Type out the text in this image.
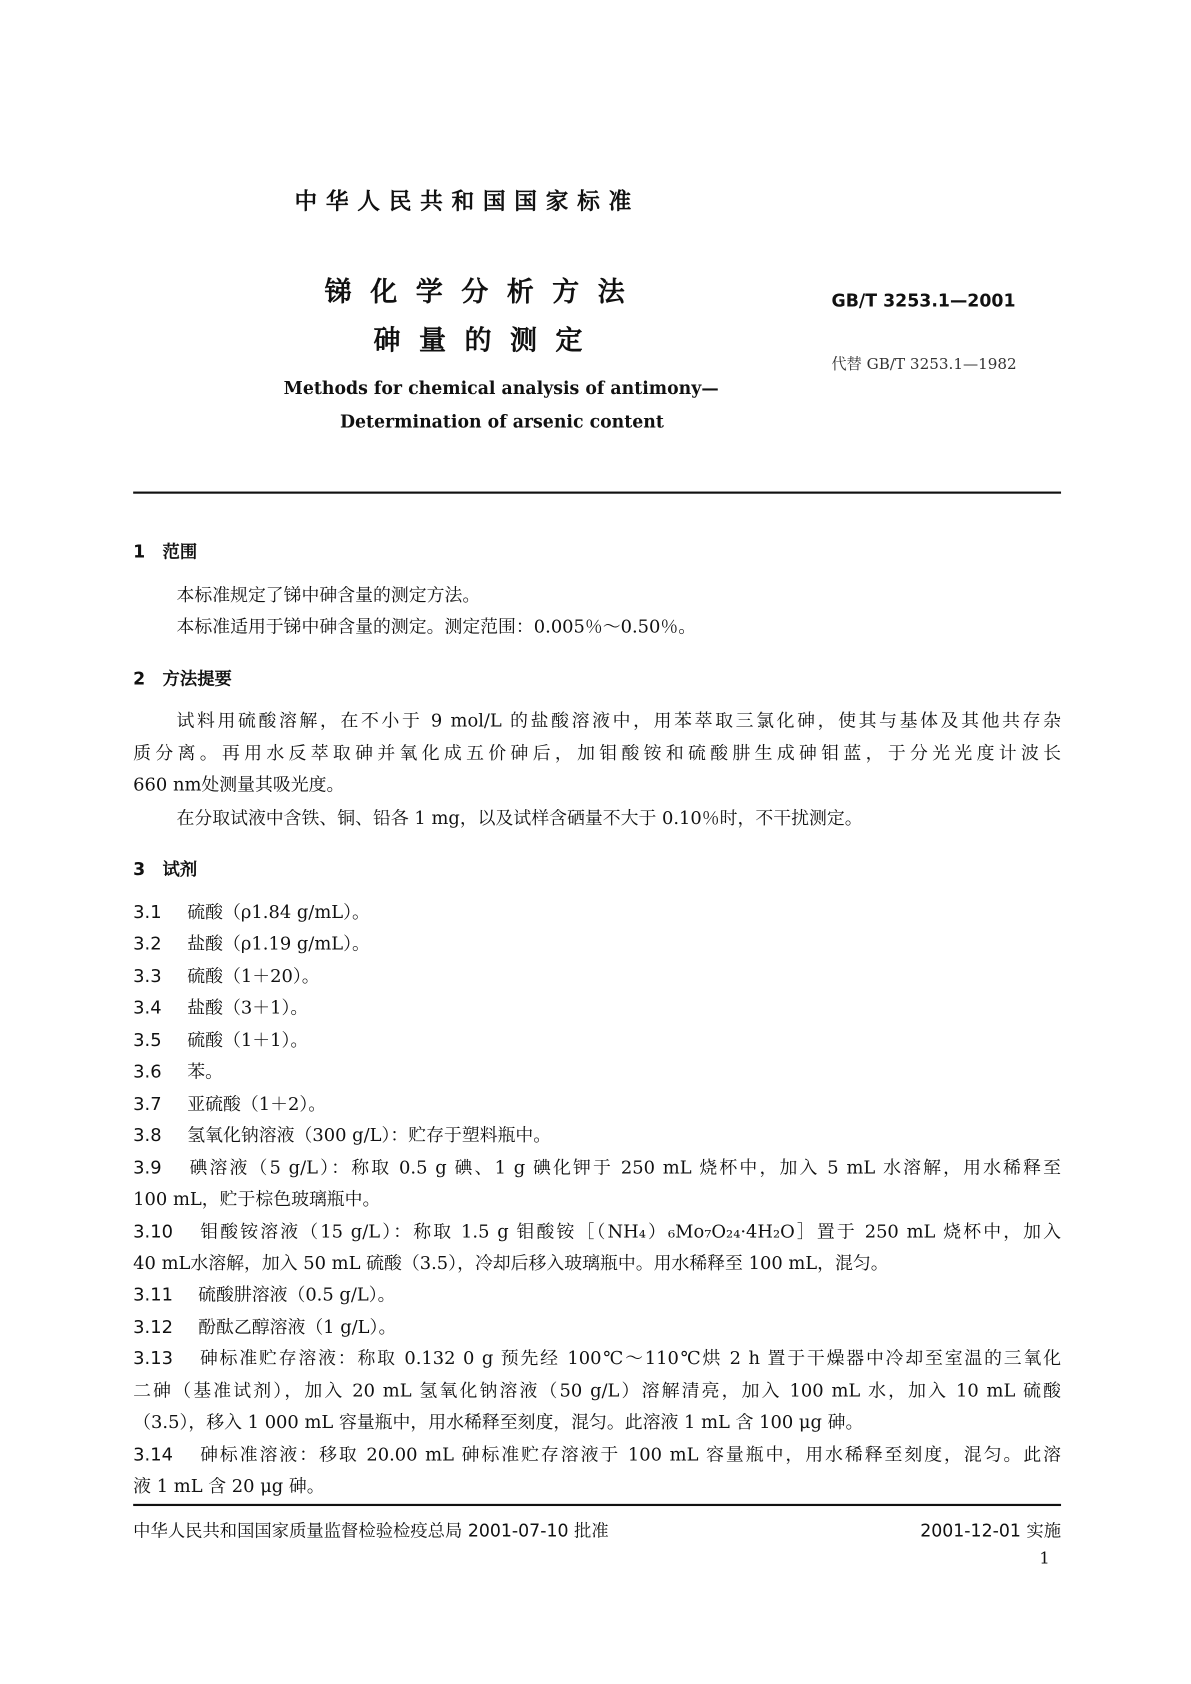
中华人民共和国国家标准
锑化学分析方法
砷量的测定
GB/T 3253.1—2001
代替 GB/T 3253.1—1982
Methods for chemical analysis of antimony—
Determination of arsenic content
1　范围
本标准规定了锑中砷含量的测定方法。
本标准适用于锑中砷含量的测定。测定范围：0.005％～0.50％。
2　方法提要
试料用硫酸溶解，在不小于 9 mol/L 的盐酸溶液中，用苯萃取三氯化砷，使其与基体及其他共存杂
质分离。再用水反萃取砷并氧化成五价砷后，加钼酸铵和硫酸肼生成砷钼蓝，于分光光度计波长
660 nm处测量其吸光度。
在分取试液中含铁、铜、铅各 1 mg，以及试样含硒量不大于 0.10％时，不干扰测定。
3　试剂
3.1 硫酸（ρ1.84 g/mL）。
3.2 盐酸（ρ1.19 g/mL）。
3.3 硫酸（1＋20）。
3.4 盐酸（3＋1）。
3.5 硫酸（1＋1）。
3.6 苯。
3.7 亚硫酸（1＋2）。
3.8 氢氧化钠溶液（300 g/L）：贮存于塑料瓶中。
3.9 碘溶液（5 g/L）：称取 0.5 g 碘、1 g 碘化钾于 250 mL 烧杯中，加入 5 mL 水溶解，用水稀释至
100 mL，贮于棕色玻璃瓶中。
3.10 钼酸铵溶液（15 g/L）：称取 1.5 g 钼酸铵［（NH₄）₆Mo₇O₂₄·4H₂O］置于 250 mL 烧杯中，加入
40 mL水溶解，加入 50 mL 硫酸（3.5），冷却后移入玻璃瓶中。用水稀释至 100 mL，混匀。
3.11 硫酸肼溶液（0.5 g/L）。
3.12 酚酞乙醇溶液（1 g/L）。
3.13 砷标准贮存溶液：称取 0.132 0 g 预先经 100℃～110℃烘 2 h 置于干燥器中冷却至室温的三氧化
二砷（基准试剂），加入 20 mL 氢氧化钠溶液（50 g/L）溶解清亮，加入 100 mL 水，加入 10 mL 硫酸
（3.5），移入 1 000 mL 容量瓶中，用水稀释至刻度，混匀。此溶液 1 mL 含 100 μg 砷。
3.14 砷标准溶液：移取 20.00 mL 砷标准贮存溶液于 100 mL 容量瓶中，用水稀释至刻度，混匀。此溶
液 1 mL 含 20 μg 砷。
中华人民共和国国家质量监督检验检疫总局 2001-07-10 批准	2001-12-01 实施
1
